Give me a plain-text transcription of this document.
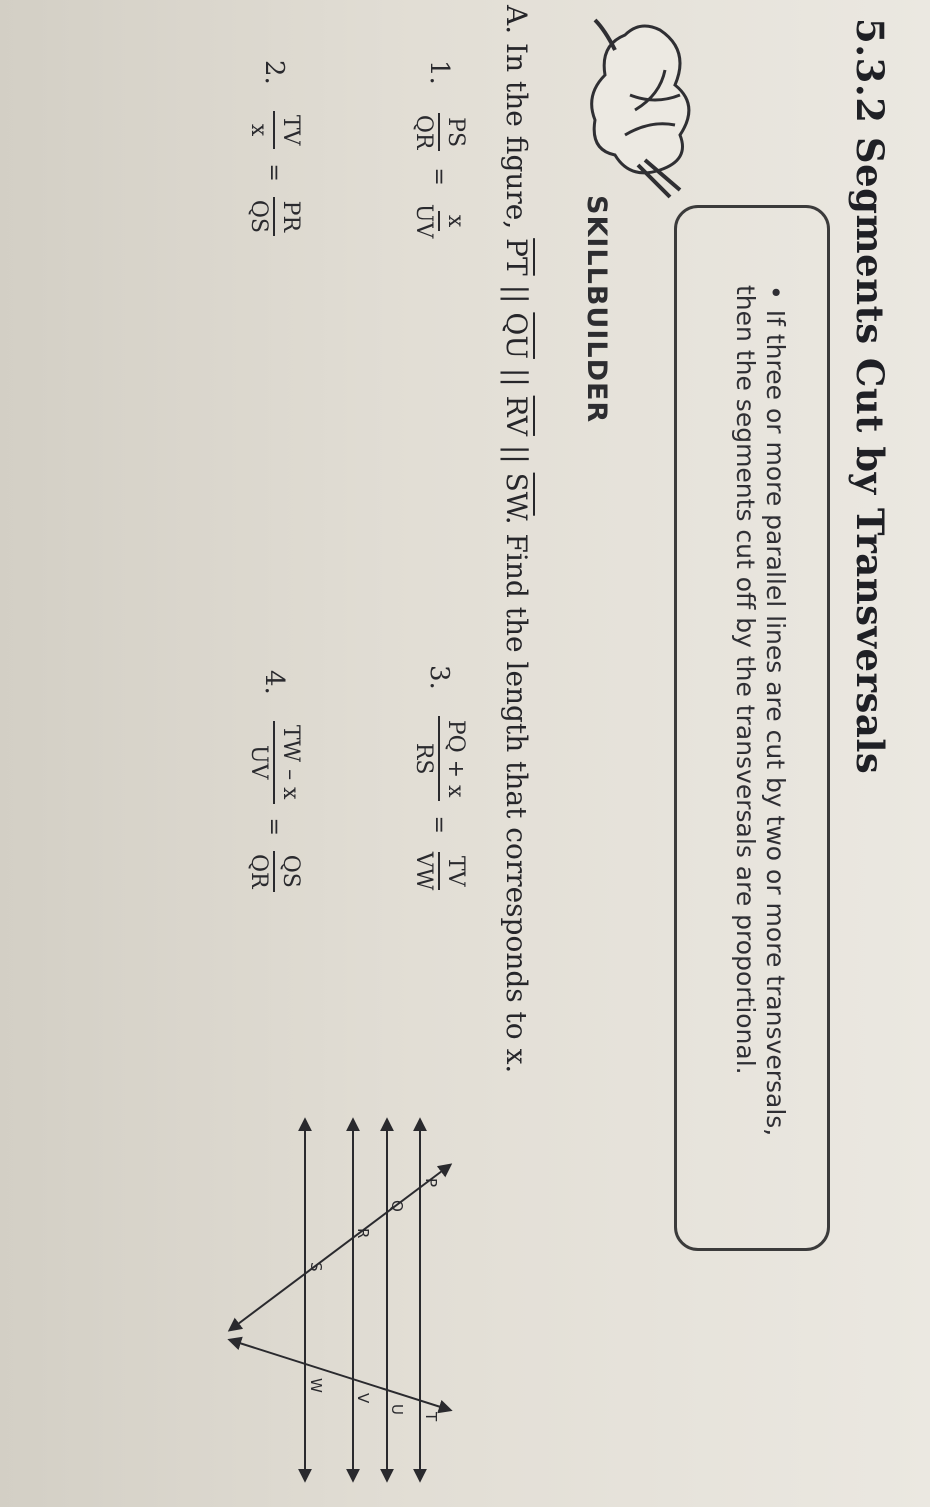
5.3.2 Segments Cut by Transversals
•If three or more parallel lines are cut by two or more transversals, then the segments cut off by the transversals are proportional.
SKILLBUILDER
A. In the figure, $\overline{PT}$ || $\overline{QU}$ || $\overline{RV}$ || $\overline{SW}$. Find the length that corresponds to x.
1.
PS
QR
=
x
UV
2.
TV
x
=
PR
QS
3.
PQ + x
RS
=
TV
VW
4.
TW – x
UV
=
QS
QR
P
Q
R
S
T
U
V
W
